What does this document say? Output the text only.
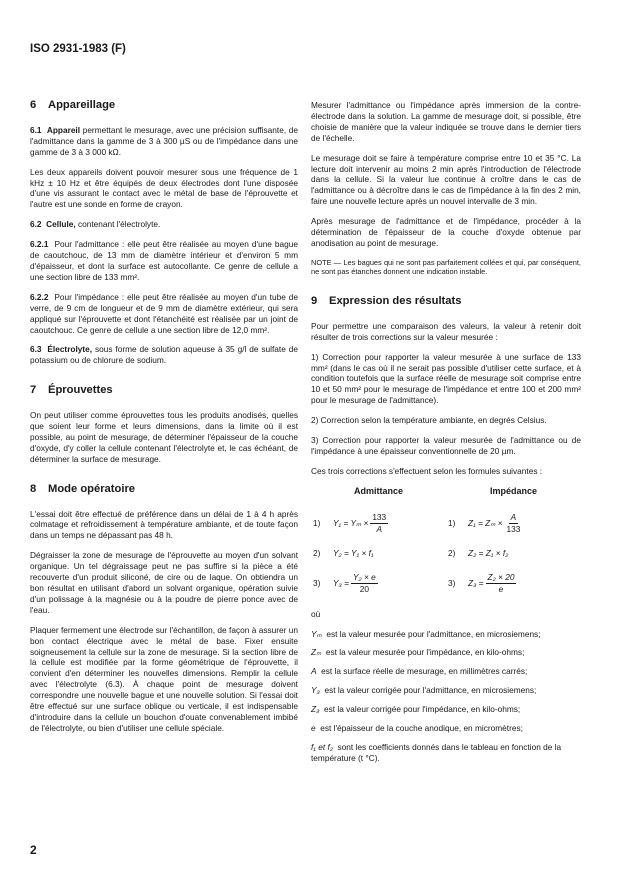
ISO 2931-1983 (F)
6 Appareillage
6.1 Appareil permettant le mesurage, avec une précision suffisante, de l'admittance dans la gamme de 3 à 300 µS ou de l'impédance dans une gamme de 3 à 3 000 kΩ.
Les deux appareils doivent pouvoir mesurer sous une fréquence de 1 kHz ± 10 Hz et être équipés de deux électrodes dont l'une disposée d'une vis assurant le contact avec le métal de base de l'éprouvette et l'autre est une sonde en forme de crayon.
6.2 Cellule, contenant l'électrolyte.
6.2.1 Pour l'admittance : elle peut être réalisée au moyen d'une bague de caoutchouc, de 13 mm de diamètre intérieur et d'environ 5 mm d'épaisseur, et dont la surface est autocollante. Ce genre de cellule a une section libre de 133 mm².
6.2.2 Pour l'impédance : elle peut être réalisée au moyen d'un tube de verre, de 9 cm de longueur et de 9 mm de diamètre extérieur, qui sera appliqué sur l'éprouvette et dont l'étanchéité est réalisée par un joint de caoutchouc. Ce genre de cellule a une section libre de 12,0 mm².
6.3 Électrolyte, sous forme de solution aqueuse à 35 g/l de sulfate de potassium ou de chlorure de sodium.
7 Éprouvettes
On peut utiliser comme éprouvettes tous les produits anodisés, quelles que soient leur forme et leurs dimensions, dans la limite où il est possible, au point de mesurage, de déterminer l'épaisseur de la couche d'oxyde, d'y coller la cellule contenant l'électrolyte et, le cas échéant, de déterminer la surface de mesurage.
8 Mode opératoire
L'essai doit être effectué de préférence dans un délai de 1 à 4 h après colmatage et refroidissement à température ambiante, et de toute façon dans un temps ne dépassant pas 48 h.
Dégraisser la zone de mesurage de l'éprouvette au moyen d'un solvant organique. Un tel dégraissage peut ne pas suffire si la pièce a été recouverte d'un produit siliconé, de cire ou de laque. On obtiendra un bon résultat en utilisant d'abord un solvant organique, opération suivie d'un polissage à la magnésie ou à la poudre de pierre ponce avec de l'eau.
Plaquer fermement une électrode sur l'échantillon, de façon à assurer un bon contact électrique avec le métal de base. Fixer ensuite soigneusement la cellule sur la zone de mesurage. Si la section libre de la cellule est modifiée par la forme géométrique de l'éprouvette, il convient d'en déterminer les nouvelles dimensions. Remplir la cellule avec l'électrolyte (6.3). À chaque point de mesurage doivent correspondre une nouvelle bague et une nouvelle solution. Si l'essai doit être effectué sur une surface oblique ou verticale, il est indispensable d'introduire dans la cellule un bouchon d'ouate convenablement imbibé de l'électrolyte, ou bien d'utiliser une cellule spéciale.
Mesurer l'admittance ou l'impédance après immersion de la contre-électrode dans la solution. La gamme de mesurage doit, si possible, être choisie de manière que la valeur indiquée se trouve dans le dernier tiers de l'échelle.
Le mesurage doit se faire à température comprise entre 10 et 35 °C. La lecture doit intervenir au moins 2 min après l'introduction de l'électrode dans la cellule. Si la valeur lue continue à croître dans le cas de l'admittance ou à décroître dans le cas de l'impédance à la fin des 2 min, faire une nouvelle lecture après un nouvel intervalle de 3 min.
Après mesurage de l'admittance et de l'impédance, procéder à la détermination de l'épaisseur de la couche d'oxyde obtenue par anodisation au point de mesurage.
NOTE — Les bagues qui ne sont pas parfaitement collées et qui, par conséquent, ne sont pas étanches donnent une indication instable.
9 Expression des résultats
Pour permettre une comparaison des valeurs, la valeur à retenir doit résulter de trois corrections sur la valeur mesurée :
1) Correction pour rapporter la valeur mesurée à une surface de 133 mm² (dans le cas où il ne serait pas possible d'utiliser cette surface, et à condition toutefois que la surface réelle de mesurage soit comprise entre 10 et 50 mm² pour le mesurage de l'impédance et entre 100 et 200 mm² pour le mesurage de l'admittance).
2) Correction selon la température ambiante, en degrés Celsius.
3) Correction pour rapporter la valeur mesurée de l'admittance ou de l'impédance à une épaisseur conventionnelle de 20 µm.
Ces trois corrections s'effectuent selon les formules suivantes :
Admittance	Impédance
1)	$Y_1 = Y_m \times \frac{133}{A}$	1)	$Z_1 = Z_m \times \frac{A}{133}$
2)	Y₂ = Y₁ × f₁	2)	Z₂ = Z₁ × f₂
3)	$Y_3 = \frac{\text{Y₂ × e}}{20}$	3)	$Z_3 = \frac{\text{Z₂ × 20}}{e}$
où
Yₘ est la valeur mesurée pour l'admittance, en microsiemens;
Zₘ est la valeur mesurée pour l'impédance, en kilo-ohms;
A est la surface réelle de mesurage, en millimètres carrés;
Y₃ est la valeur corrigée pour l'admittance, en microsiemens;
Z₃ est la valeur corrigée pour l'impédance, en kilo-ohms;
e est l'épaisseur de la couche anodique, en micromètres;
f₁ et f₂ sont les coefficients donnés dans le tableau en fonction de la température (t °C).
2
